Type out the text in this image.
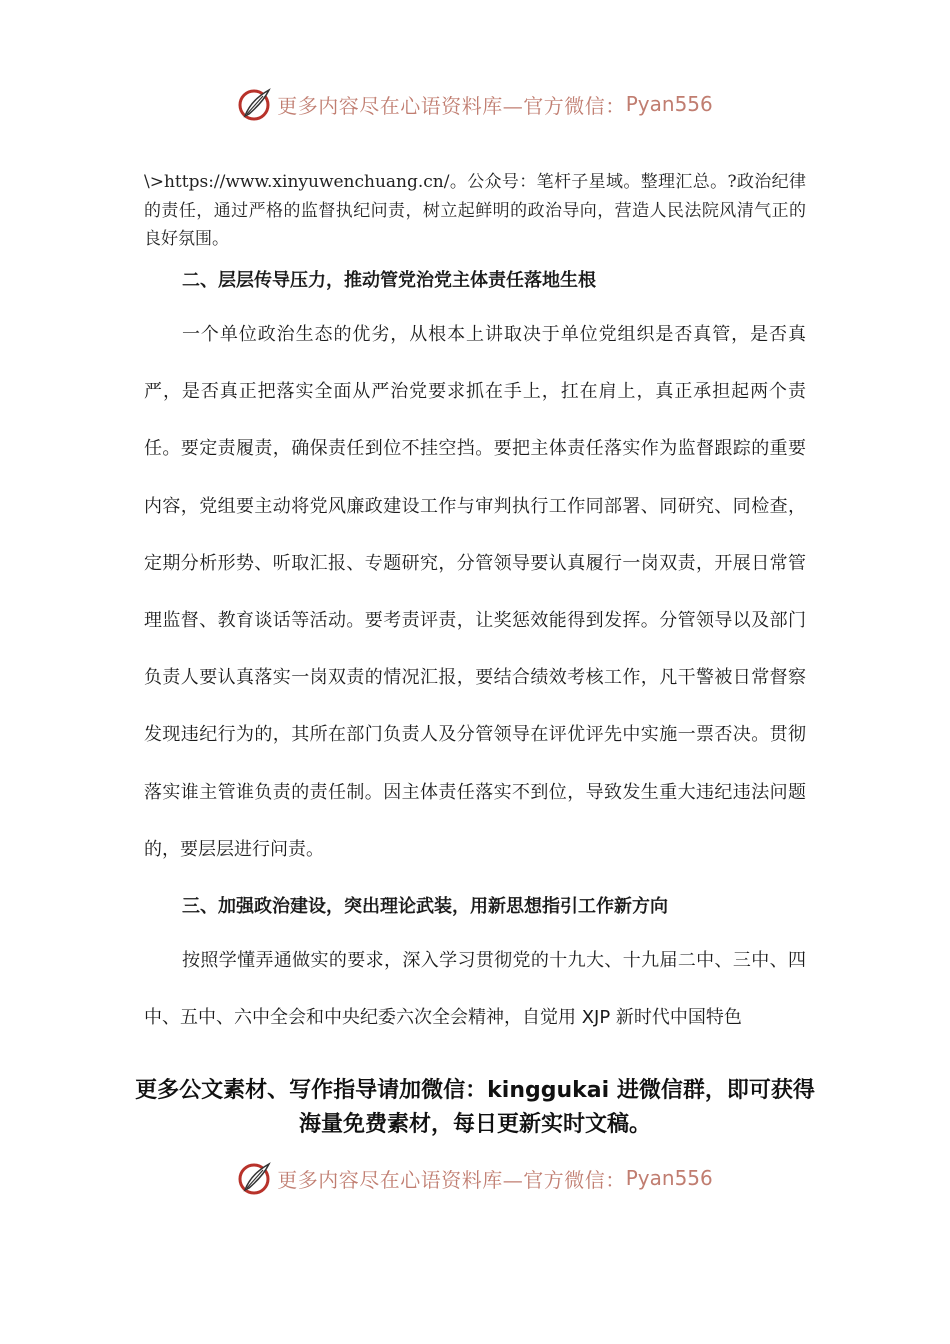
更多内容尽在心语资料库—官方微信： Pyan556

\>https://www.xinyuwenchuang.cn/。公众号：笔杆子星域。整理汇总。?政治纪律的责任，通过严格的监督执纪问责，树立起鲜明的政治导向，营造人民法院风清气正的良好氛围。

二、层层传导压力，推动管党治党主体责任落地生根

一个单位政治生态的优劣，从根本上讲取决于单位党组织是否真管，是否真严，是否真正把落实全面从严治党要求抓在手上，扛在肩上，真正承担起两个责任。要定责履责，确保责任到位不挂空挡。要把主体责任落实作为监督跟踪的重要内容，党组要主动将党风廉政建设工作与审判执行工作同部署、同研究、同检查，定期分析形势、听取汇报、专题研究，分管领导要认真履行一岗双责，开展日常管理监督、教育谈话等活动。要考责评责，让奖惩效能得到发挥。分管领导以及部门负责人要认真落实一岗双责的情况汇报，要结合绩效考核工作，凡干警被日常督察发现违纪行为的，其所在部门负责人及分管领导在评优评先中实施一票否决。贯彻落实谁主管谁负责的责任制。因主体责任落实不到位，导致发生重大违纪违法问题的，要层层进行问责。

三、加强政治建设，突出理论武装，用新思想指引工作新方向

按照学懂弄通做实的要求，深入学习贯彻党的十九大、十九届二中、三中、四中、五中、六中全会和中央纪委六次全会精神，自觉用 XJP 新时代中国特色

更多公文素材、写作指导请加微信：kinggukai 进微信群，即可获得海量免费素材，每日更新实时文稿。

更多内容尽在心语资料库—官方微信： Pyan556
